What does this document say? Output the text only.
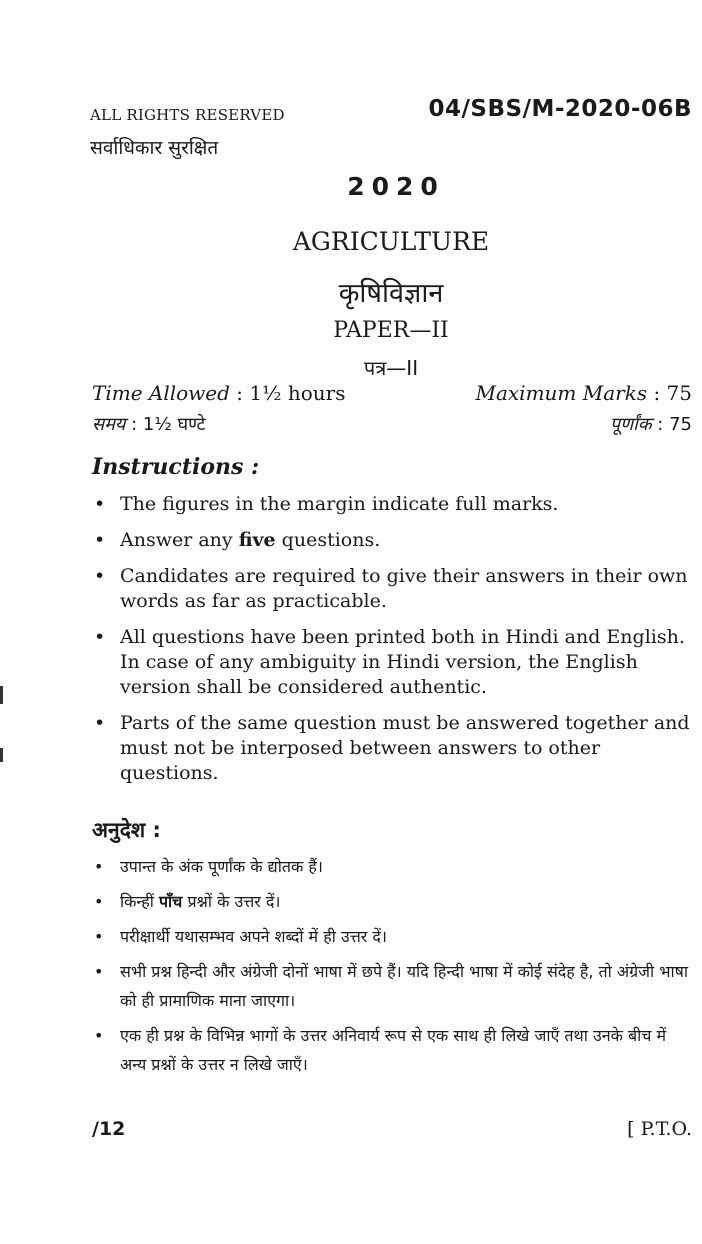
ALL RIGHTS RESERVED
सर्वाधिकार सुरक्षित
04/SBS/M-2020-06B
2020
AGRICULTURE
कृषिविज्ञान
PAPER—II
पत्र—II
Time Allowed : 1½ hours
समय : 1½ घण्टे
Maximum Marks : 75
पूर्णांक : 75
Instructions :
• The figures in the margin indicate full marks.
• Answer any five questions.
• Candidates are required to give their answers in their own words as far as practicable.
• All questions have been printed both in Hindi and English. In case of any ambiguity in Hindi version, the English version shall be considered authentic.
• Parts of the same question must be answered together and must not be interposed between answers to other questions.
अनुदेश :
• उपान्त के अंक पूर्णांक के द्योतक हैं।
• किन्हीं पाँच प्रश्नों के उत्तर दें।
• परीक्षार्थी यथासम्भव अपने शब्दों में ही उत्तर दें।
• सभी प्रश्न हिन्दी और अंग्रेजी दोनों भाषा में छपे हैं। यदि हिन्दी भाषा में कोई संदेह है, तो अंग्रेजी भाषा को ही प्रामाणिक माना जाएगा।
• एक ही प्रश्न के विभिन्न भागों के उत्तर अनिवार्य रूप से एक साथ ही लिखे जाएँ तथा उनके बीच में अन्य प्रश्नों के उत्तर न लिखे जाएँ।
/12	[ P.T.O.
